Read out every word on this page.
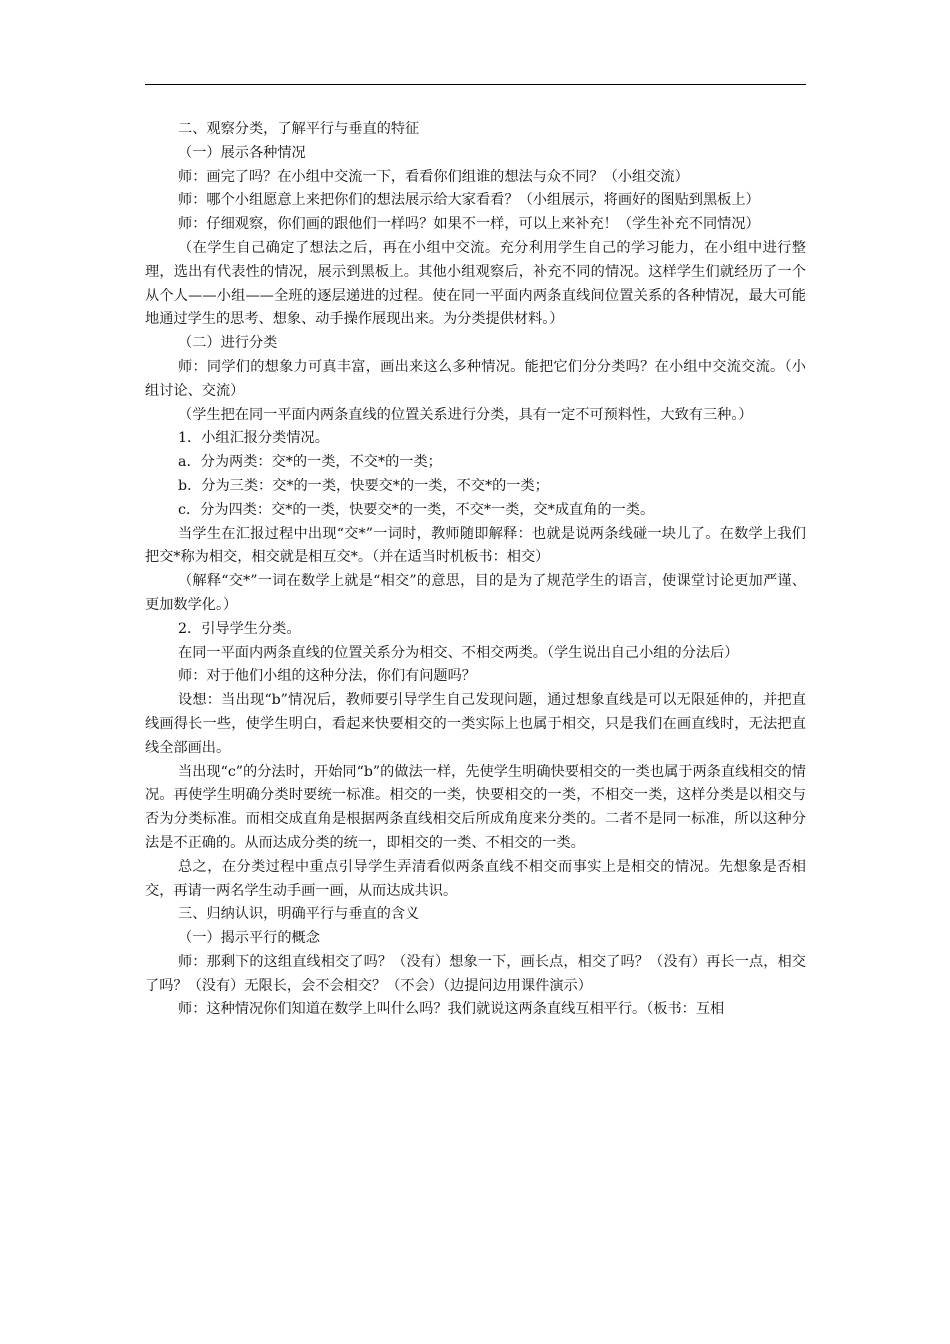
二、观察分类，了解平行与垂直的特征

（一）展示各种情况

师：画完了吗？在小组中交流一下，看看你们组谁的想法与众不同？（小组交流）

师：哪个小组愿意上来把你们的想法展示给大家看看？（小组展示，将画好的图贴到黑板上）

师：仔细观察，你们画的跟他们一样吗？如果不一样，可以上来补充！（学生补充不同情况）

（在学生自己确定了想法之后，再在小组中交流。充分利用学生自己的学习能力，在小组中进行整理，选出有代表性的情况，展示到黑板上。其他小组观察后，补充不同的情况。这样学生们就经历了一个从个人——小组——全班的逐层递进的过程。使在同一平面内两条直线间位置关系的各种情况，最大可能地通过学生的思考、想象、动手操作展现出来。为分类提供材料。）

（二）进行分类

师：同学们的想象力可真丰富，画出来这么多种情况。能把它们分分类吗？在小组中交流交流。（小组讨论、交流）

（学生把在同一平面内两条直线的位置关系进行分类，具有一定不可预料性，大致有三种。）

1．小组汇报分类情况。

a．分为两类：交*的一类，不交*的一类；

b．分为三类：交*的一类，快要交*的一类，不交*的一类；

c．分为四类：交*的一类，快要交*的一类，不交*一类，交*成直角的一类。

当学生在汇报过程中出现“交*”一词时，教师随即解释：也就是说两条线碰一块儿了。在数学上我们把交*称为相交，相交就是相互交*。（并在适当时机板书：相交）

（解释“交*”一词在数学上就是“相交”的意思，目的是为了规范学生的语言，使课堂讨论更加严谨、更加数学化。）

2．引导学生分类。

在同一平面内两条直线的位置关系分为相交、不相交两类。（学生说出自己小组的分法后）

师：对于他们小组的这种分法，你们有问题吗？

设想：当出现“b”情况后，教师要引导学生自己发现问题，通过想象直线是可以无限延伸的，并把直线画得长一些，使学生明白，看起来快要相交的一类实际上也属于相交，只是我们在画直线时，无法把直线全部画出。

当出现“c”的分法时，开始同“b”的做法一样，先使学生明确快要相交的一类也属于两条直线相交的情况。再使学生明确分类时要统一标准。相交的一类，快要相交的一类，不相交一类，这样分类是以相交与否为分类标准。而相交成直角是根据两条直线相交后所成角度来分类的。二者不是同一标准，所以这种分法是不正确的。从而达成分类的统一，即相交的一类、不相交的一类。

总之，在分类过程中重点引导学生弄清看似两条直线不相交而事实上是相交的情况。先想象是否相交，再请一两名学生动手画一画，从而达成共识。

三、归纳认识，明确平行与垂直的含义

（一）揭示平行的概念

师：那剩下的这组直线相交了吗？（没有）想象一下，画长点，相交了吗？（没有）再长一点，相交了吗？（没有）无限长，会不会相交？（不会）（边提问边用课件演示）

师：这种情况你们知道在数学上叫什么吗？我们就说这两条直线互相平行。（板书：互相
